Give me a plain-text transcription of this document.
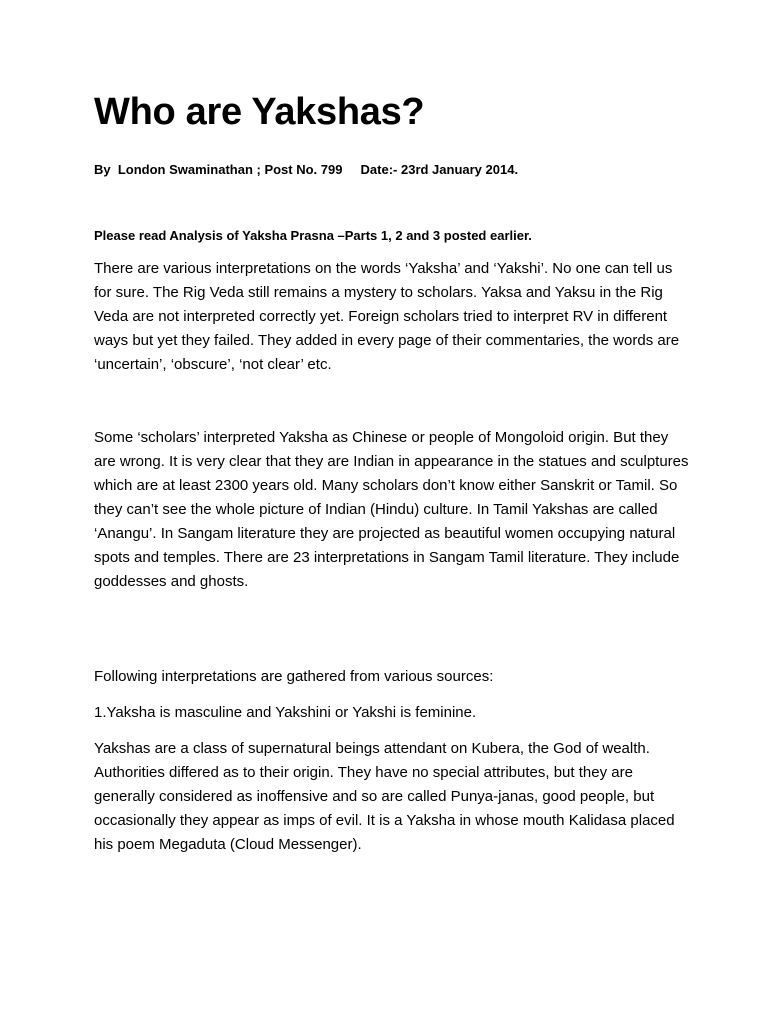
Who are Yakshas?

By  London Swaminathan ; Post No. 799     Date:- 23rd January 2014.

Please read Analysis of Yaksha Prasna –Parts 1, 2 and 3 posted earlier.

There are various interpretations on the words ‘Yaksha’ and ‘Yakshi’. No one can tell us for sure. The Rig Veda still remains a mystery to scholars. Yaksa and Yaksu in the Rig Veda are not interpreted correctly yet. Foreign scholars tried to interpret RV in different ways but yet they failed. They added in every page of their commentaries, the words are ‘uncertain’, ‘obscure’, ‘not clear’ etc.

Some ‘scholars’ interpreted Yaksha as Chinese or people of Mongoloid origin. But they are wrong. It is very clear that they are Indian in appearance in the statues and sculptures which are at least 2300 years old. Many scholars don’t know either Sanskrit or Tamil. So they can’t see the whole picture of Indian (Hindu) culture. In Tamil Yakshas are called ‘Anangu’. In Sangam literature they are projected as beautiful women occupying natural spots and temples. There are 23 interpretations in Sangam Tamil literature. They include goddesses and ghosts.

Following interpretations are gathered from various sources:

1.Yaksha is masculine and Yakshini or Yakshi is feminine.

Yakshas are a class of supernatural beings attendant on Kubera, the God of wealth. Authorities differed as to their origin. They have no special attributes, but they are generally considered as inoffensive and so are called Punya-janas, good people, but occasionally they appear as imps of evil. It is a Yaksha in whose mouth Kalidasa placed his poem Megaduta (Cloud Messenger).
